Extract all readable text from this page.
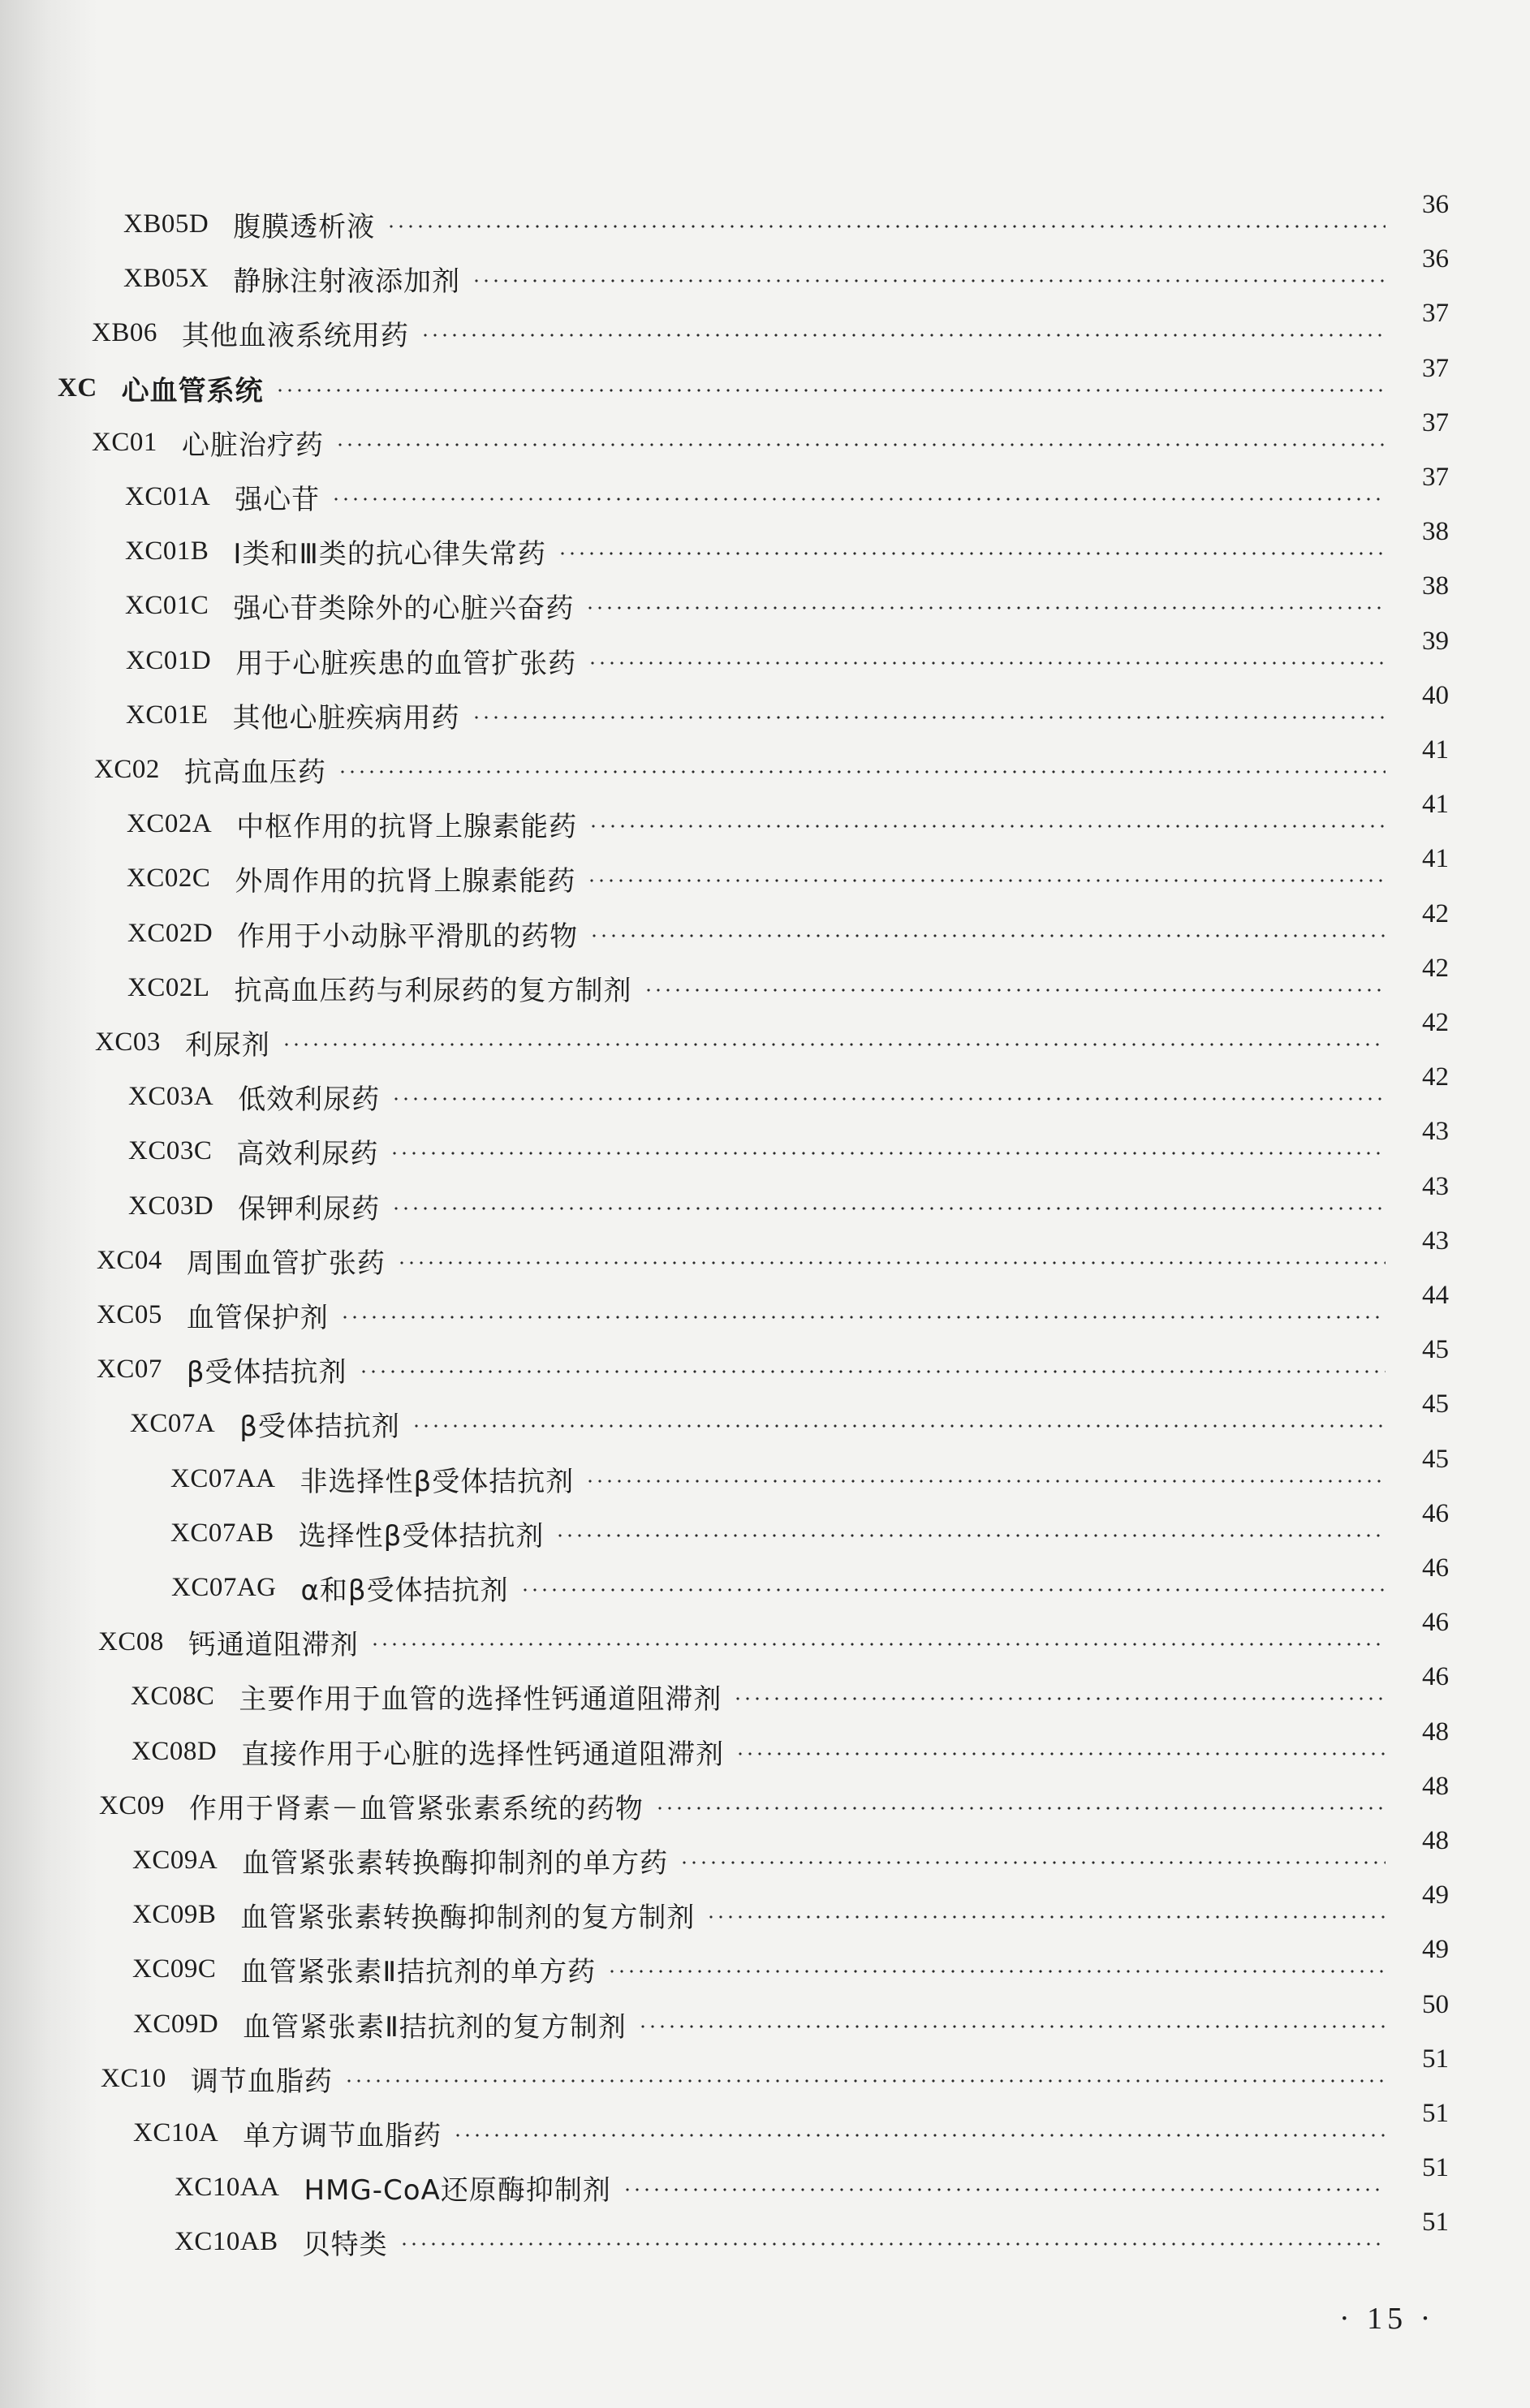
XB05D 腹膜透析液
36
XB05X 静脉注射液添加剂
36
XB06 其他血液系统用药
37
XC 心血管系统
37
XC01 心脏治疗药
37
XC01A 强心苷
37
XC01B Ⅰ类和Ⅲ类的抗心律失常药
38
XC01C 强心苷类除外的心脏兴奋药
38
XC01D 用于心脏疾患的血管扩张药
39
XC01E 其他心脏疾病用药
40
XC02 抗高血压药
41
XC02A 中枢作用的抗肾上腺素能药
41
XC02C 外周作用的抗肾上腺素能药
41
XC02D 作用于小动脉平滑肌的药物
42
XC02L 抗高血压药与利尿药的复方制剂
42
XC03 利尿剂
42
XC03A 低效利尿药
42
XC03C 高效利尿药
43
XC03D 保钾利尿药
43
XC04 周围血管扩张药
43
XC05 血管保护剂
44
XC07 β受体拮抗剂
45
XC07A β受体拮抗剂
45
XC07AA 非选择性β受体拮抗剂
45
XC07AB 选择性β受体拮抗剂
46
XC07AG α和β受体拮抗剂
46
XC08 钙通道阻滞剂
46
XC08C 主要作用于血管的选择性钙通道阻滞剂
46
XC08D 直接作用于心脏的选择性钙通道阻滞剂
48
XC09 作用于肾素－血管紧张素系统的药物
48
XC09A 血管紧张素转换酶抑制剂的单方药
48
XC09B 血管紧张素转换酶抑制剂的复方制剂
49
XC09C 血管紧张素Ⅱ拮抗剂的单方药
49
XC09D 血管紧张素Ⅱ拮抗剂的复方制剂
50
XC10 调节血脂药
51
XC10A 单方调节血脂药
51
XC10AA HMG-CoA还原酶抑制剂
51
XC10AB 贝特类
51
· 15 ·
